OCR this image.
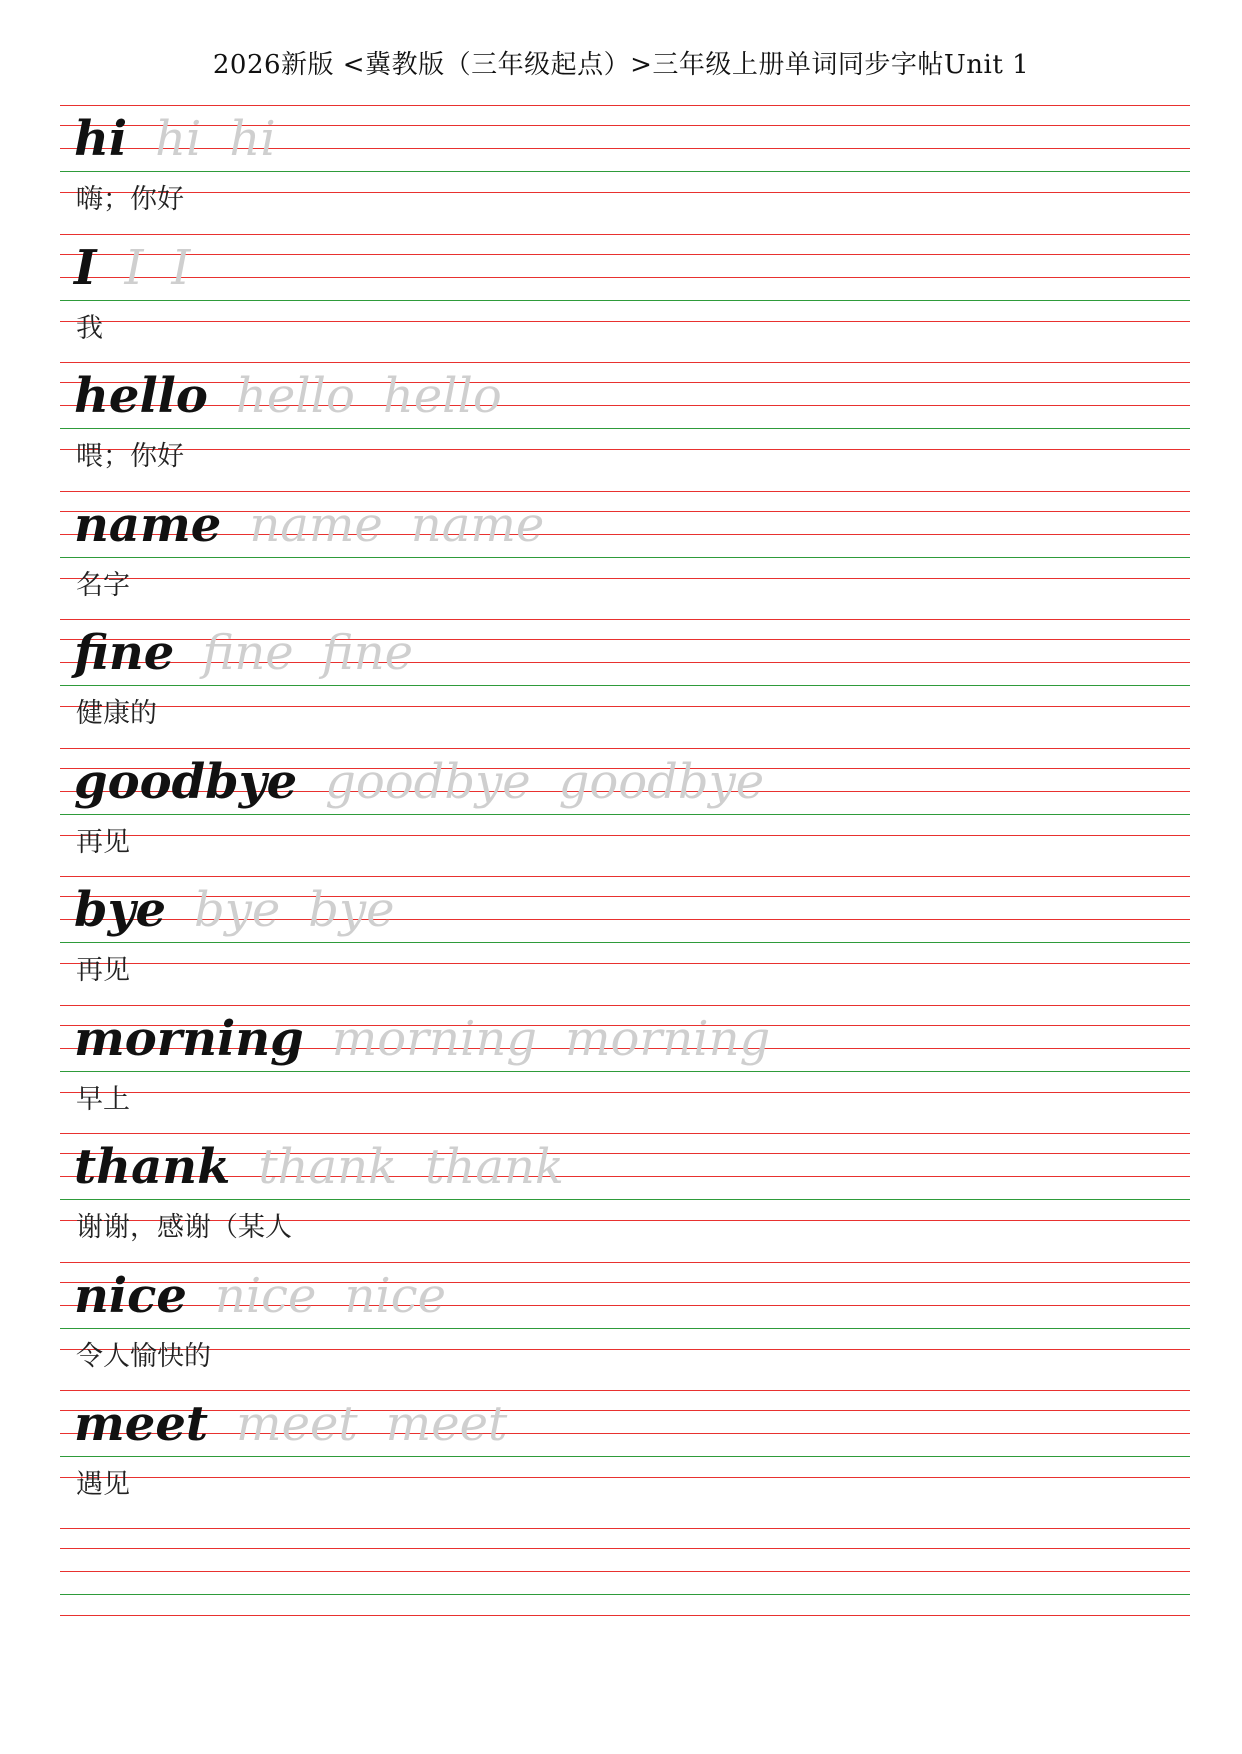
2026新版 <冀教版（三年级起点）>三年级上册单词同步字帖Unit 1
hi hi hi
嗨；你好
I I I
我
hello hello hello
喂；你好
name name name
名字
fine fine fine
健康的
goodbye goodbye goodbye
再见
bye bye bye
再见
morning morning morning
早上
thank thank thank
谢谢，感谢（某人
nice nice nice
令人愉快的
meet meet meet
遇见
